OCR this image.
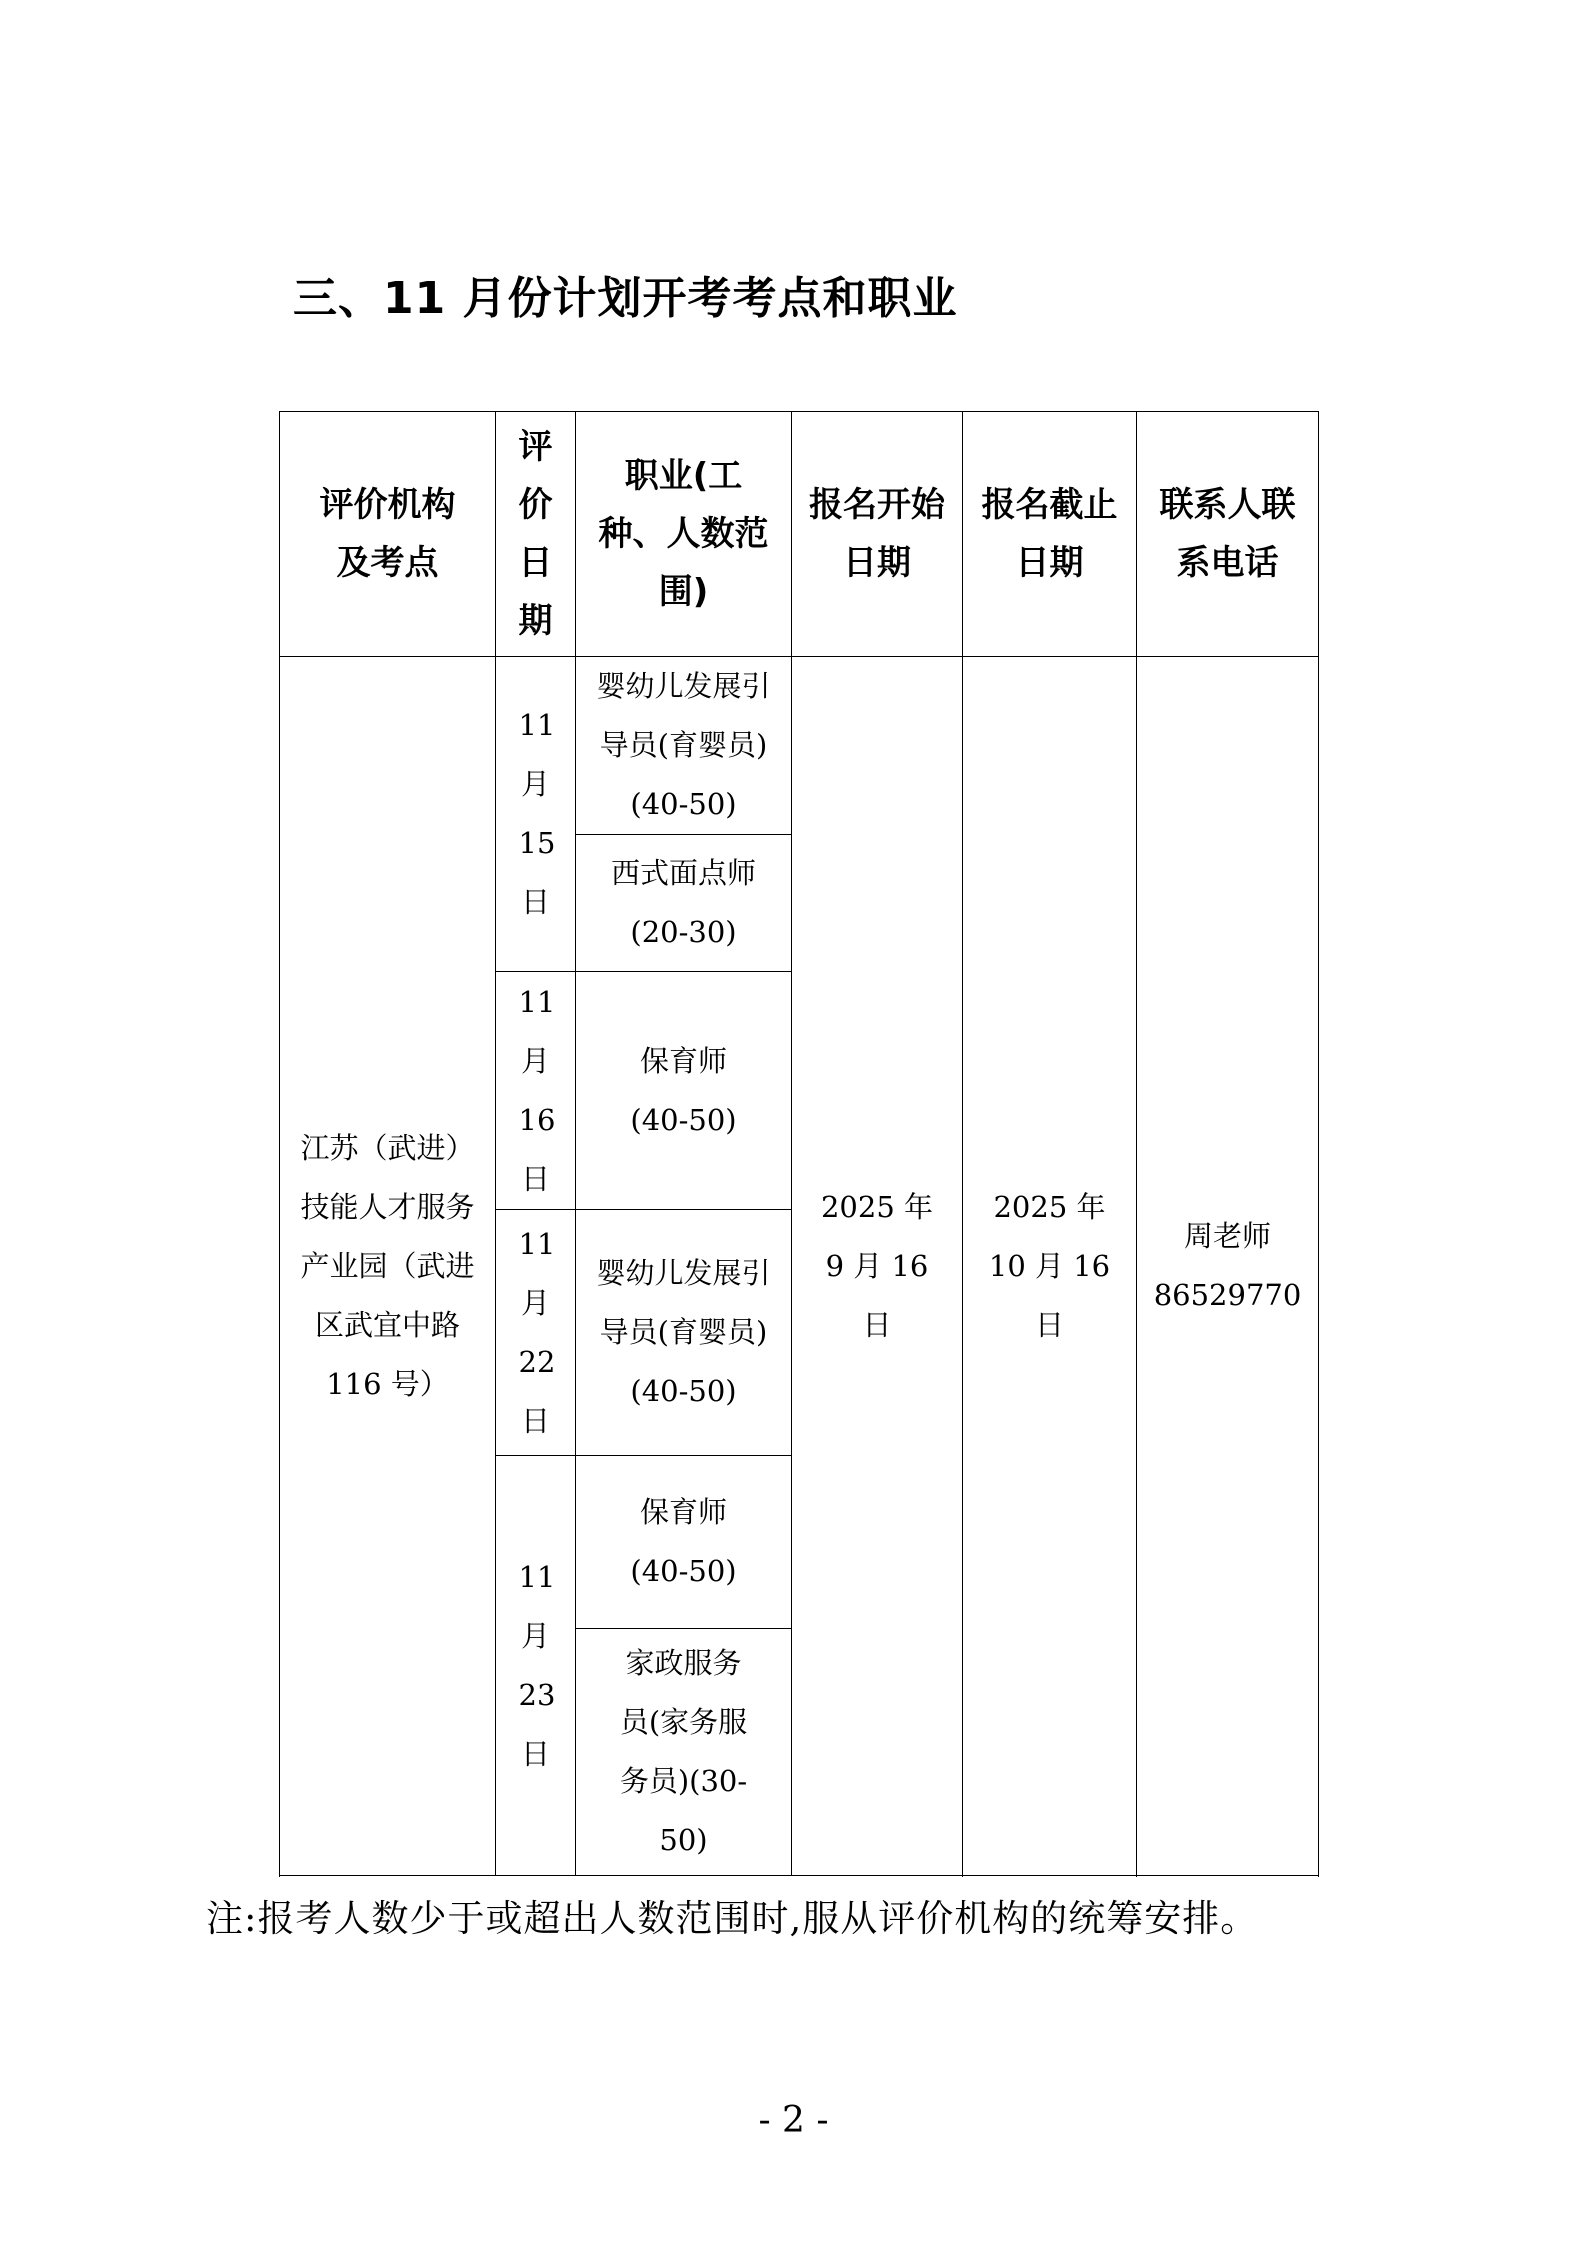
三、11 月份计划开考考点和职业
评价机构及考点	评价日期	职业(工种、人数范围)	报名开始日期	报名截止日期	联系人联系电话

江苏（武进）技能人才服务产业园（武进区武宜中路 116 号）	11 月 15 日	婴幼儿发展引导员(育婴员)(40-50)	2025 年 9 月 16 日	2025 年 10 月 16 日	周老师 86529770

		西式面点师(20-30)			

	11 月 16 日	保育师(40-50)			

	11 月 22 日	婴幼儿发展引导员(育婴员)(40-50)			

	11 月 23 日	保育师(40-50)			

		家政服务员(家务服务员)(30-50)			

注:报考人数少于或超出人数范围时,服从评价机构的统筹安排。
- 2 -
